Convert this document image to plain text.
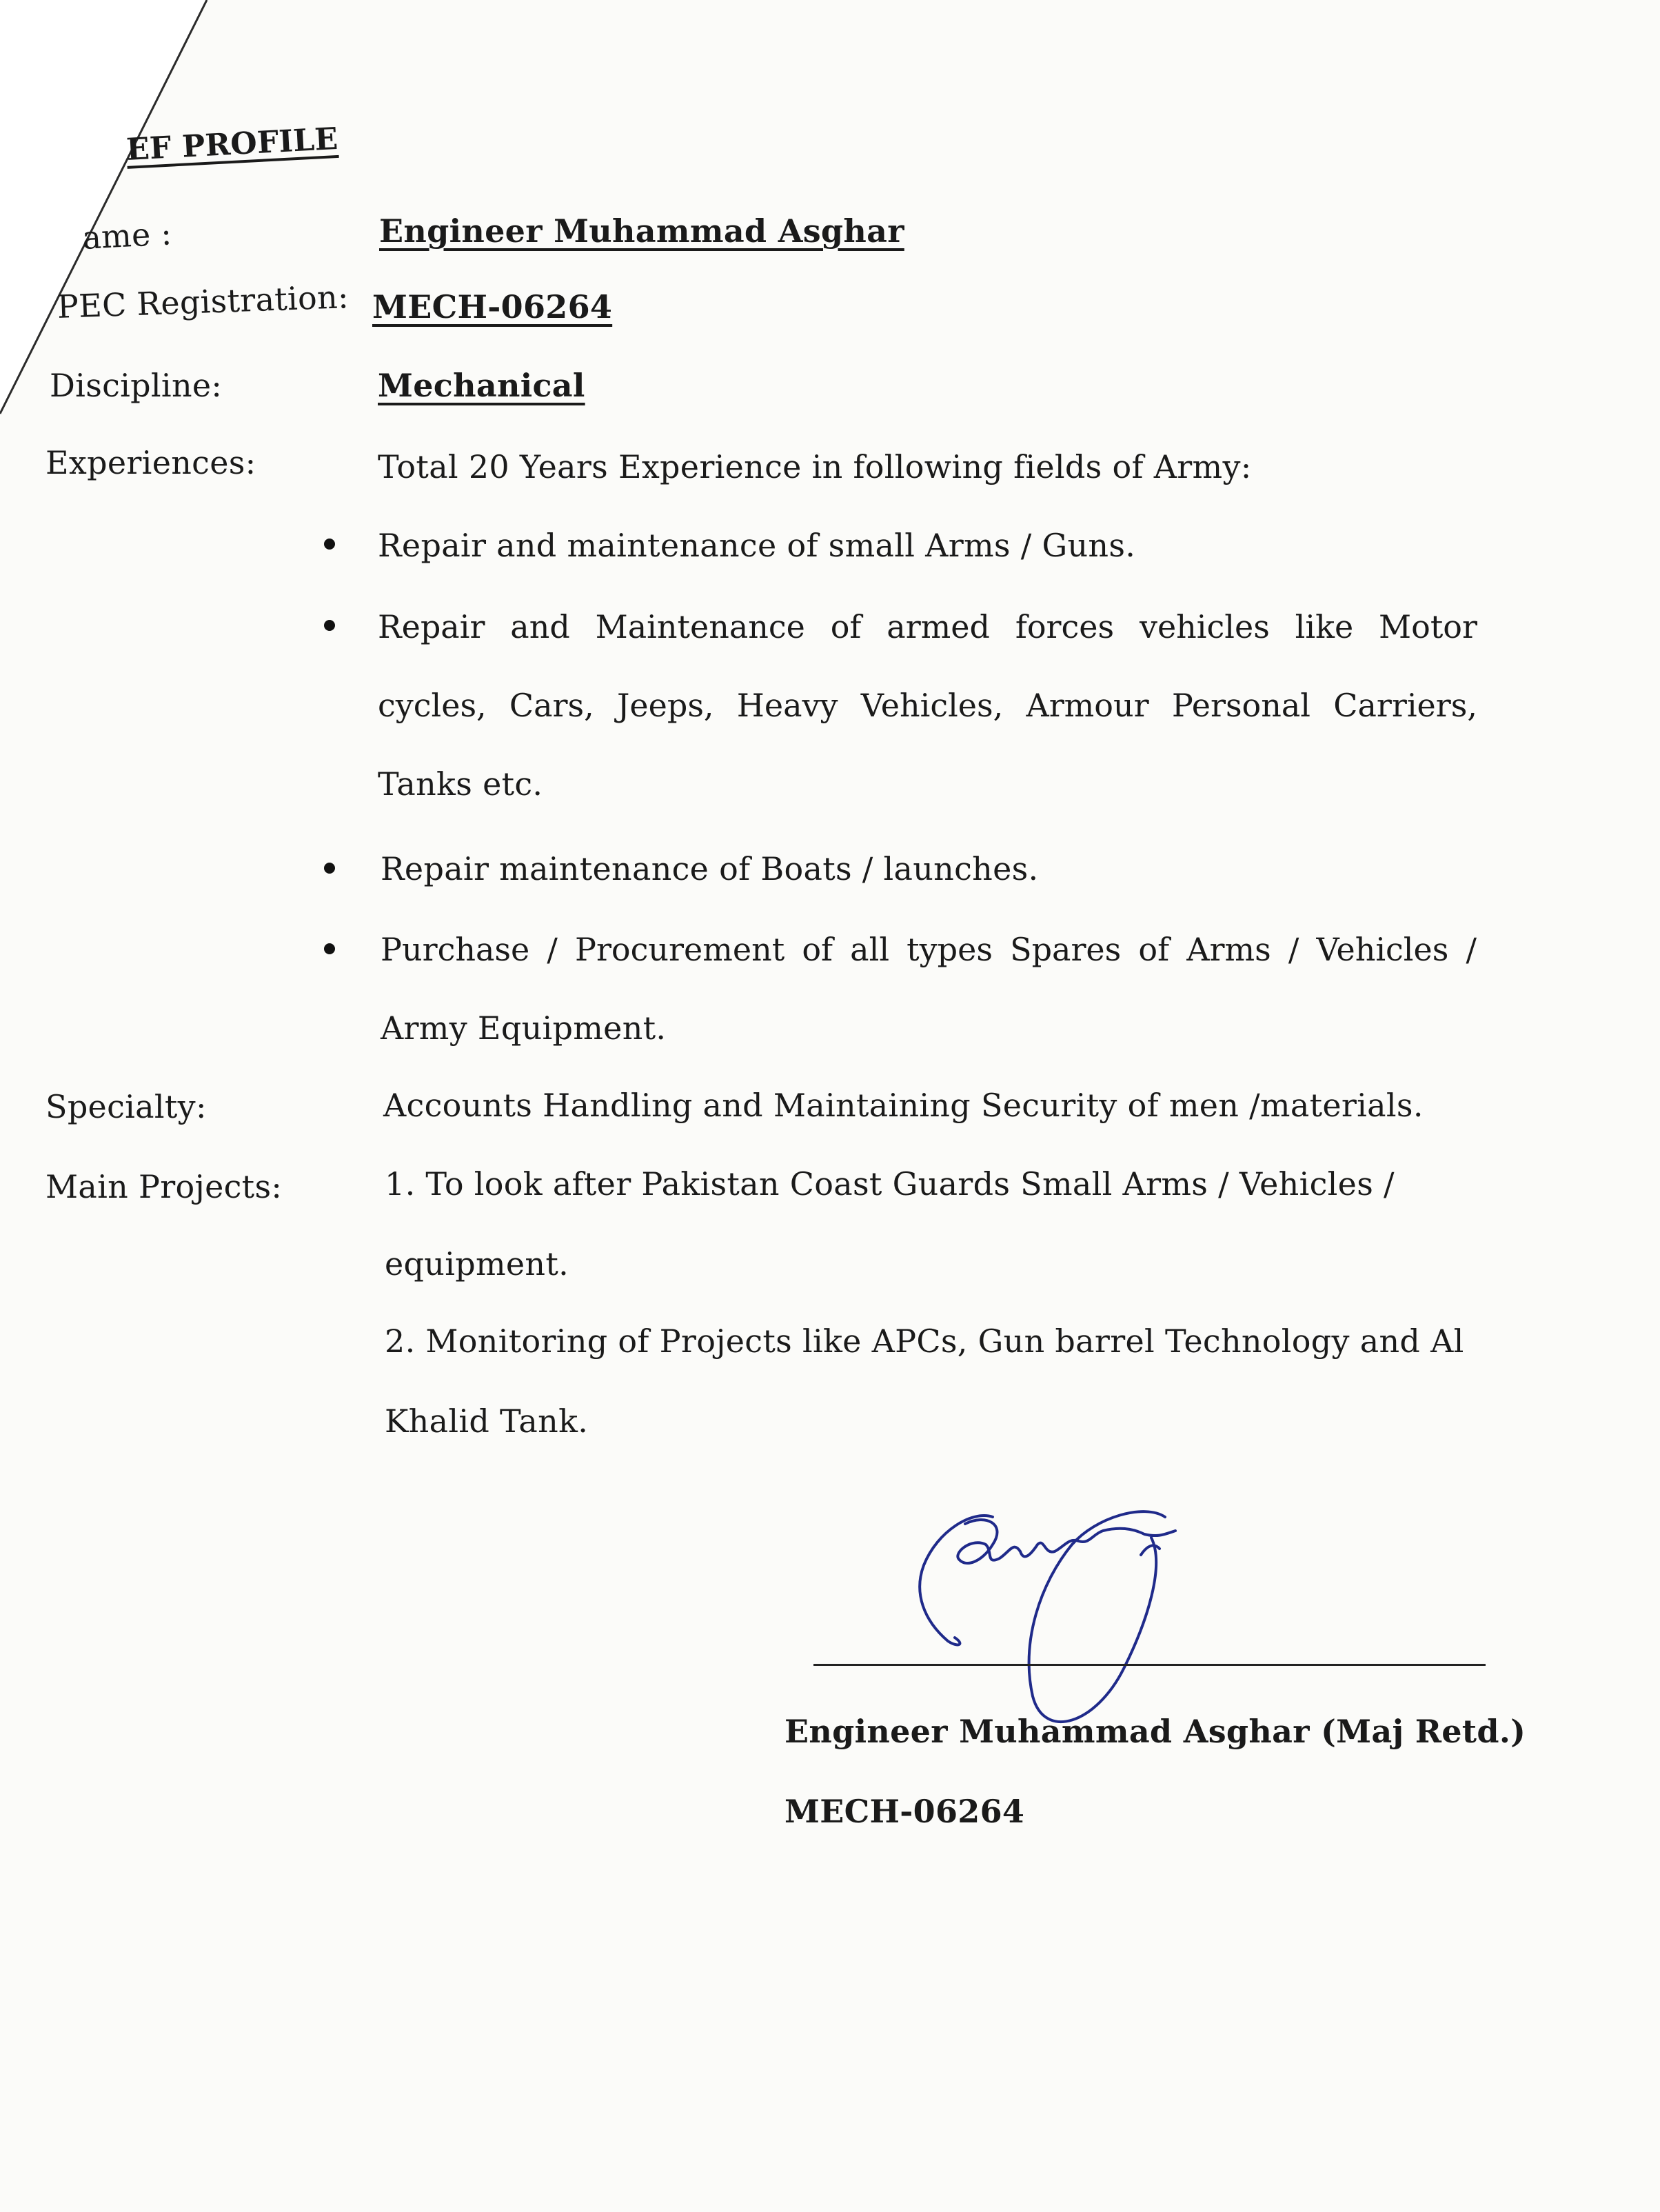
EF PROFILE
ame :	Engineer Muhammad Asghar
PEC Registration: MECH-06264
Discipline:	Mechanical
Experiences:	Total 20 Years Experience in following fields of Army:
Repair and maintenance of small Arms / Guns.
Repair and Maintenance of armed forces vehicles like Motor
cycles, Cars, Jeeps, Heavy Vehicles, Armour Personal Carriers,
Tanks etc.
Repair maintenance of Boats / launches.
Purchase / Procurement of all types Spares of Arms / Vehicles /
Army Equipment.
Specialty:	Accounts Handling and Maintaining Security of men /materials.
Main Projects:	1. To look after Pakistan Coast Guards Small Arms / Vehicles /
equipment.
2. Monitoring of Projects like APCs, Gun barrel Technology and Al
Khalid Tank.
Engineer Muhammad Asghar (Maj Retd.)
MECH-06264
